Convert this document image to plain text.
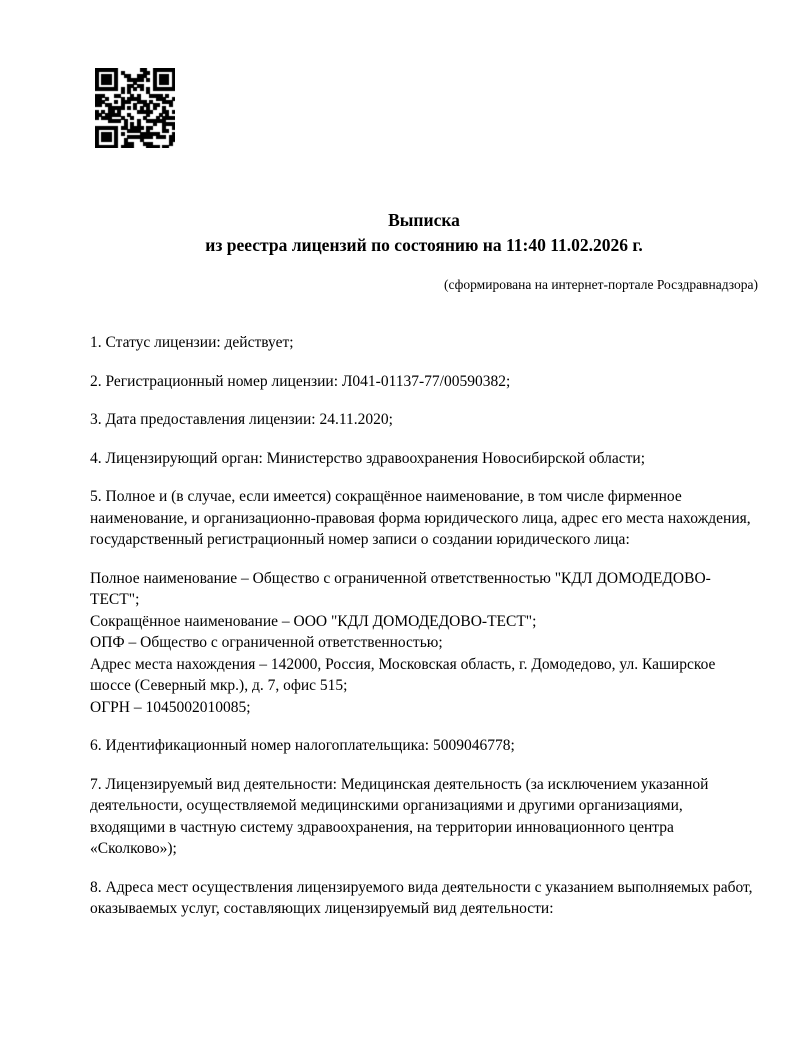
Выписка
из реестра лицензий по состоянию на 11:40 11.02.2026 г.
(сформирована на интернет-портале Росздравнадзора)

1. Статус лицензии: действует;

2. Регистрационный номер лицензии: Л041-01137-77/00590382;

3. Дата предоставления лицензии: 24.11.2020;

4. Лицензирующий орган: Министерство здравоохранения Новосибирской области;

5. Полное и (в случае, если имеется) сокращённое наименование, в том числе фирменное наименование, и организационно-правовая форма юридического лица, адрес его места нахождения, государственный регистрационный номер записи о создании юридического лица:

Полное наименование – Общество с ограниченной ответственностью "КДЛ ДОМОДЕДОВО-ТЕСТ";

Сокращённое наименование – ООО "КДЛ ДОМОДЕДОВО-ТЕСТ";

ОПФ – Общество с ограниченной ответственностью;

Адрес места нахождения – 142000, Россия, Московская область, г. Домодедово, ул. Каширское шоссе (Северный мкр.), д. 7, офис 515;

ОГРН – 1045002010085;

6. Идентификационный номер налогоплательщика: 5009046778;

7. Лицензируемый вид деятельности: Медицинская деятельность (за исключением указанной деятельности, осуществляемой медицинскими организациями и другими организациями, входящими в частную систему здравоохранения, на территории инновационного центра «Сколково»);

8. Адреса мест осуществления лицензируемого вида деятельности с указанием выполняемых работ, оказываемых услуг, составляющих лицензируемый вид деятельности:
